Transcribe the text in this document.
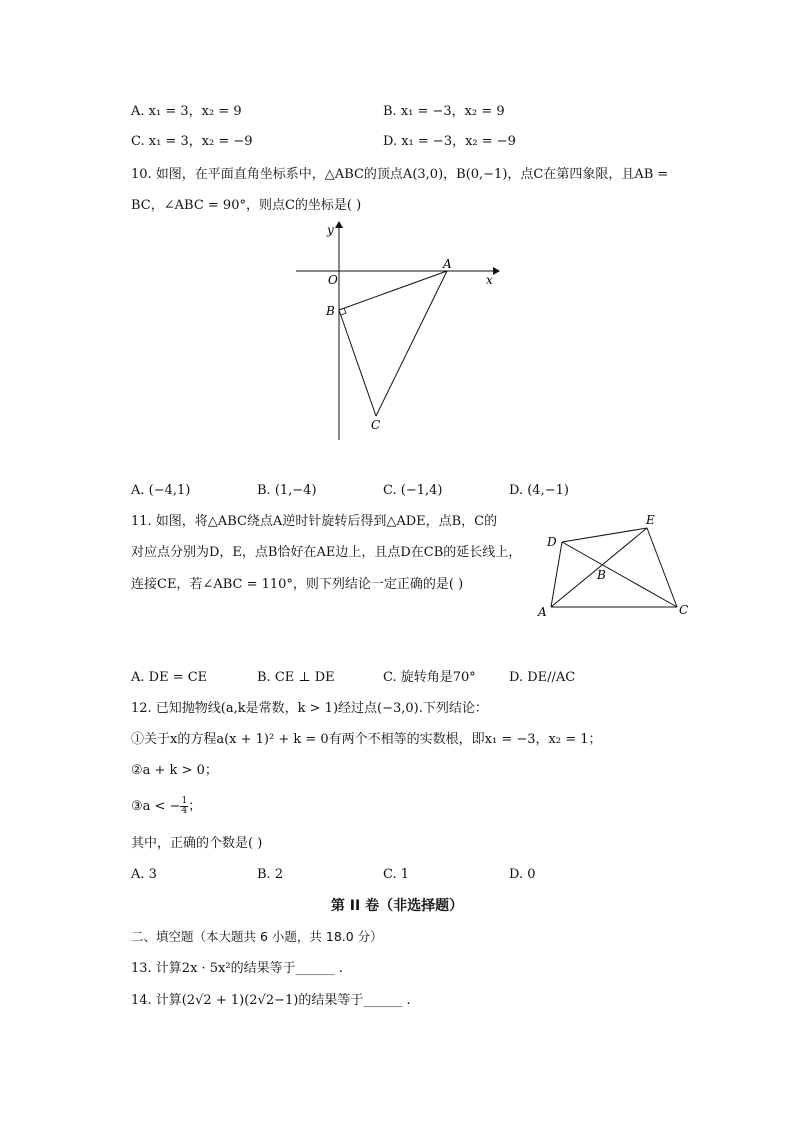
A. x₁ = 3，x₂ = 9	B. x₁ = −3，x₂ = 9
C. x₁ = 3，x₂ = −9	D. x₁ = −3，x₂ = −9
10. 如图，在平面直角坐标系中，△ABC的顶点A(3,0)，B(0,−1)，点C在第四象限，且AB =
BC，∠ABC = 90°，则点C的坐标是( )
y
x
O
A
B
C
A. (−4,1)	B. (1,−4)	C. (−1,4)	D. (4,−1)
11. 如图，将△ABC绕点A逆时针旋转后得到△ADE，点B，C的
对应点分别为D，E，点B恰好在AE边上，且点D在CB的延长线上，
连接CE，若∠ABC = 110°，则下列结论一定正确的是( )
D
E
B
A	C
A. DE = CE	B. CE ⊥ DE	C. 旋转角是70°	D. DE//AC
12. 已知抛物线(a,k是常数，k > 1)经过点(−3,0).下列结论：
①关于x的方程a(x + 1)² + k = 0有两个不相等的实数根，即x₁ = −3，x₂ = 1；
②a + k > 0；
③a < − $\frac{1}{4}$ ；
其中，正确的个数是( )
A. 3	B. 2	C. 1	D. 0
第 II 卷（非选择题）
二、填空题（本大题共 6 小题，共 18.0 分）
13. 计算2x · 5x²的结果等于______ .
14. 计算(2√2 + 1)(2√2−1)的结果等于______ .
